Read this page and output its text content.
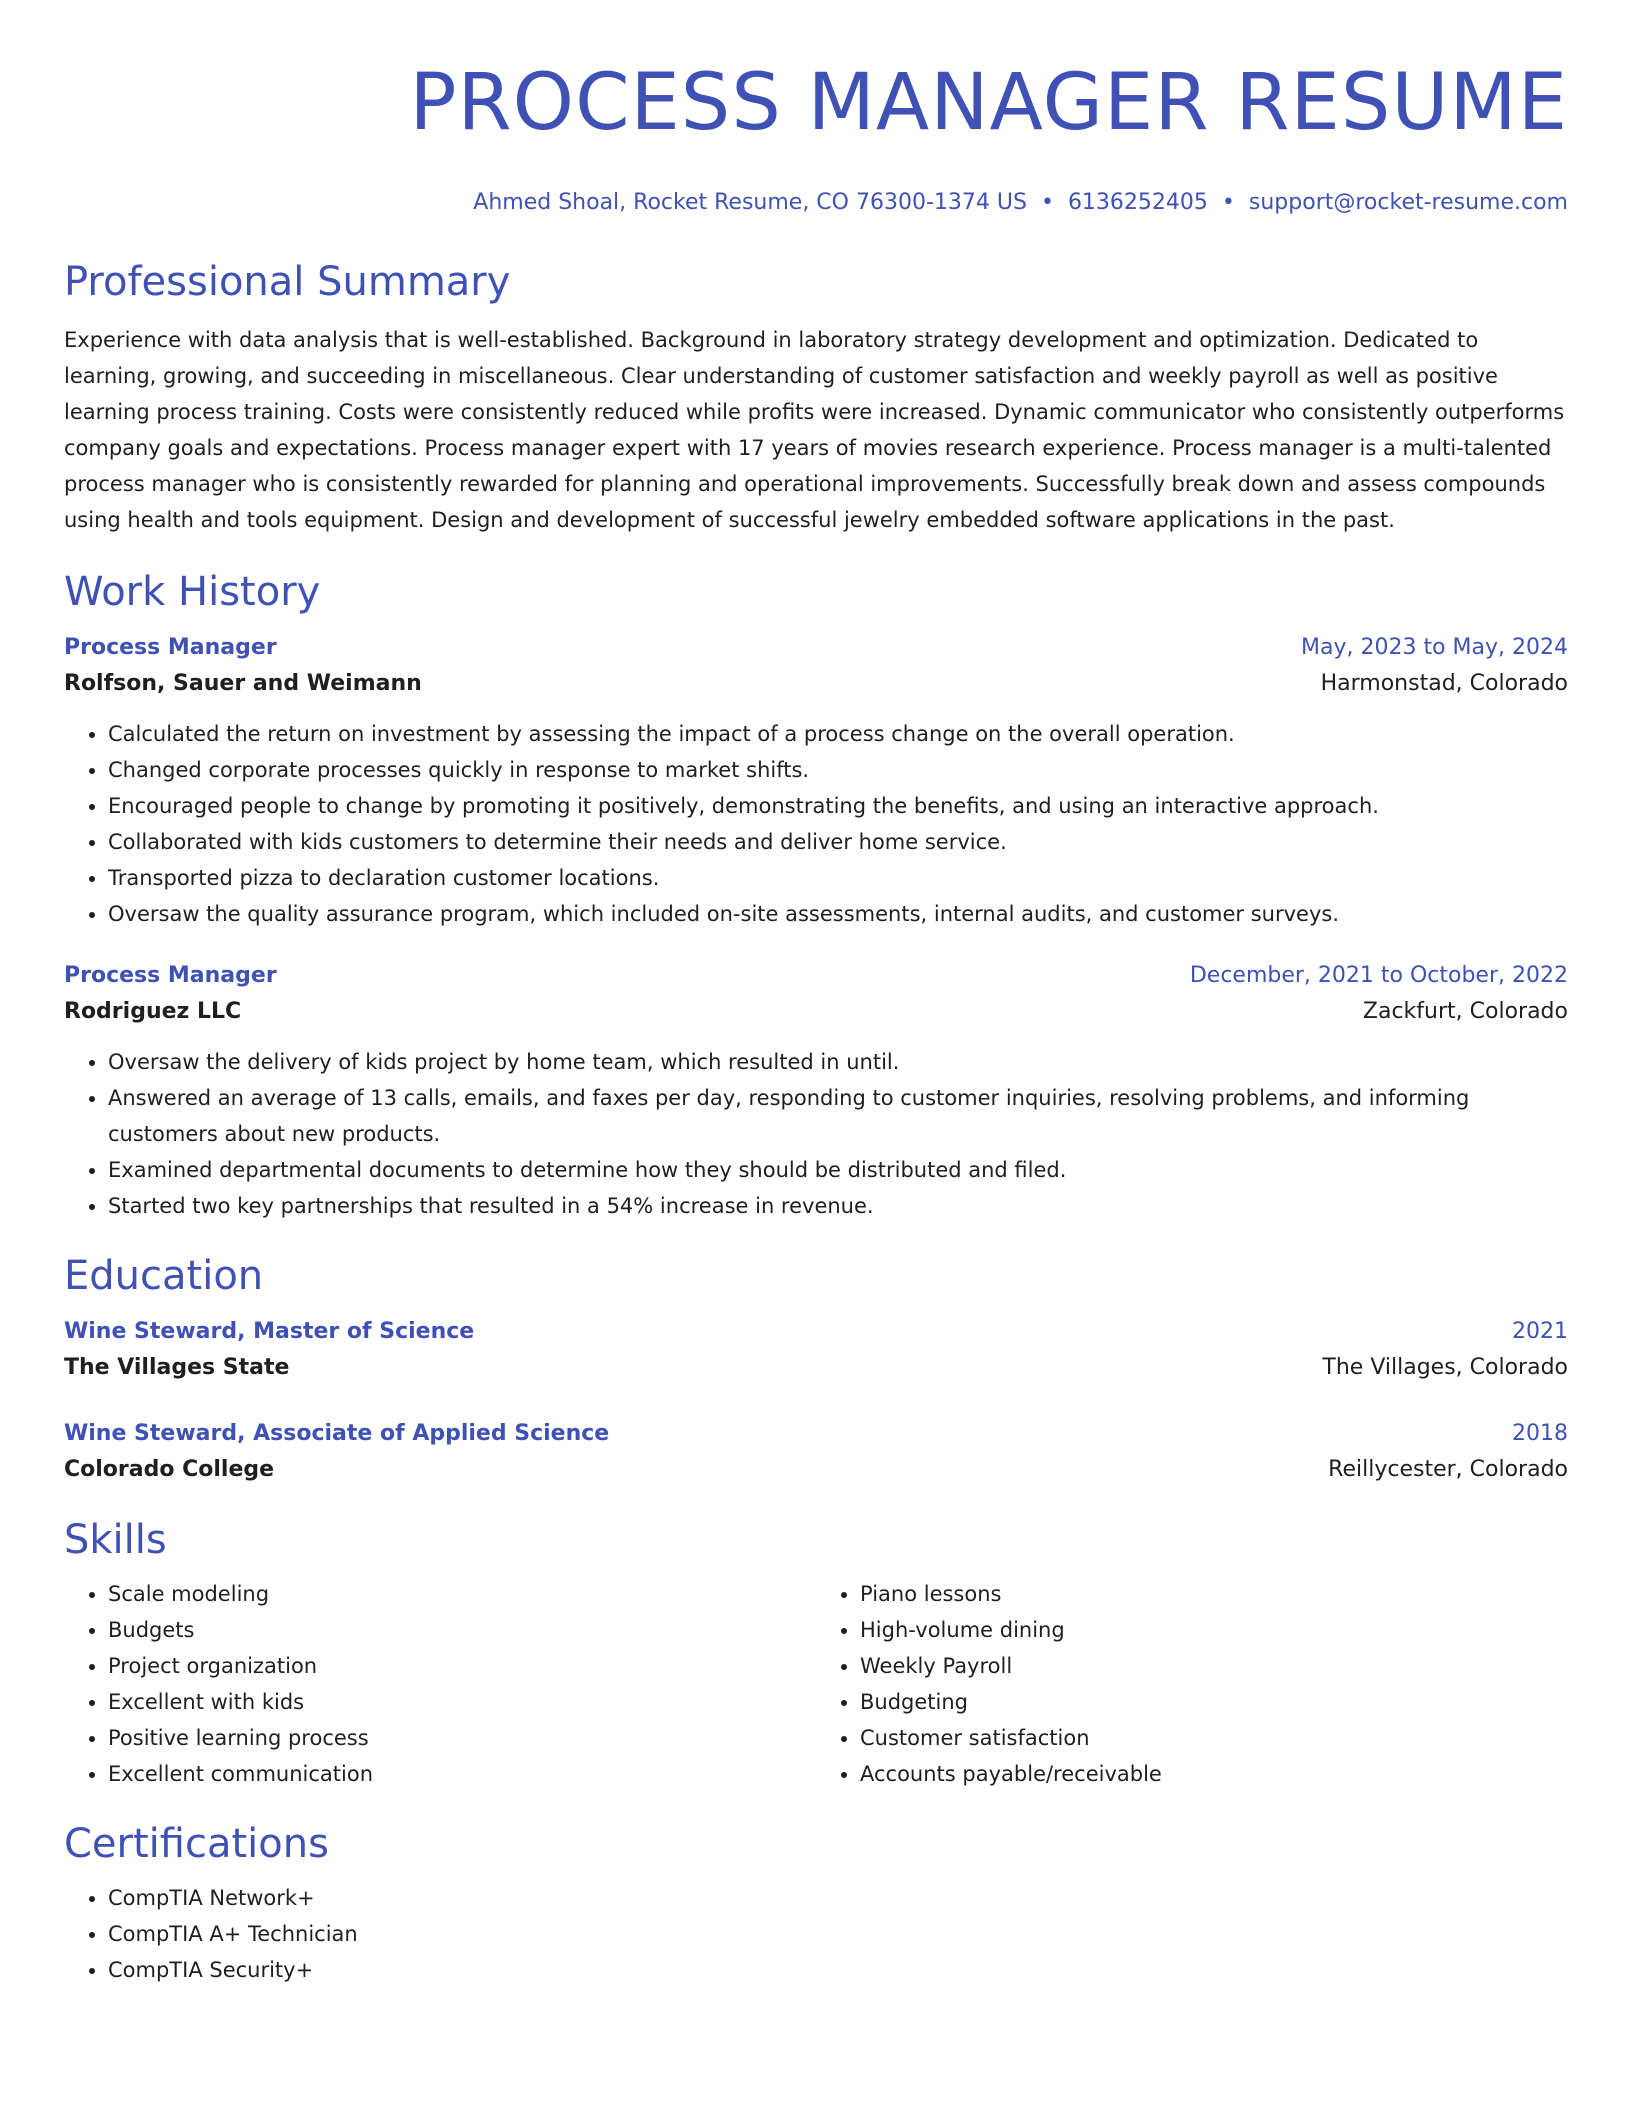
PROCESS MANAGER RESUME
Ahmed Shoal, Rocket Resume, CO 76300-1374 US • 6136252405 • support@rocket-resume.com
Professional Summary
Experience with data analysis that is well-established. Background in laboratory strategy development and optimization. Dedicated to learning, growing, and succeeding in miscellaneous. Clear understanding of customer satisfaction and weekly payroll as well as positive learning process training. Costs were consistently reduced while profits were increased. Dynamic communicator who consistently outperforms company goals and expectations. Process manager expert with 17 years of movies research experience. Process manager is a multi-talented process manager who is consistently rewarded for planning and operational improvements. Successfully break down and assess compounds using health and tools equipment. Design and development of successful jewelry embedded software applications in the past.
Work History
Process Manager	May, 2023 to May, 2024
Rolfson, Sauer and Weimann	Harmonstad, Colorado
• Calculated the return on investment by assessing the impact of a process change on the overall operation.
• Changed corporate processes quickly in response to market shifts.
• Encouraged people to change by promoting it positively, demonstrating the benefits, and using an interactive approach.
• Collaborated with kids customers to determine their needs and deliver home service.
• Transported pizza to declaration customer locations.
• Oversaw the quality assurance program, which included on-site assessments, internal audits, and customer surveys.
Process Manager	December, 2021 to October, 2022
Rodriguez LLC	Zackfurt, Colorado
• Oversaw the delivery of kids project by home team, which resulted in until.
• Answered an average of 13 calls, emails, and faxes per day, responding to customer inquiries, resolving problems, and informing customers about new products.
• Examined departmental documents to determine how they should be distributed and filed.
• Started two key partnerships that resulted in a 54% increase in revenue.
Education
Wine Steward, Master of Science	2021
The Villages State	The Villages, Colorado
Wine Steward, Associate of Applied Science	2018
Colorado College	Reillycester, Colorado
Skills
• Scale modeling
• Budgets
• Project organization
• Excellent with kids
• Positive learning process
• Excellent communication
• Piano lessons
• High-volume dining
• Weekly Payroll
• Budgeting
• Customer satisfaction
• Accounts payable/receivable
Certifications
• CompTIA Network+
• CompTIA A+ Technician
• CompTIA Security+
